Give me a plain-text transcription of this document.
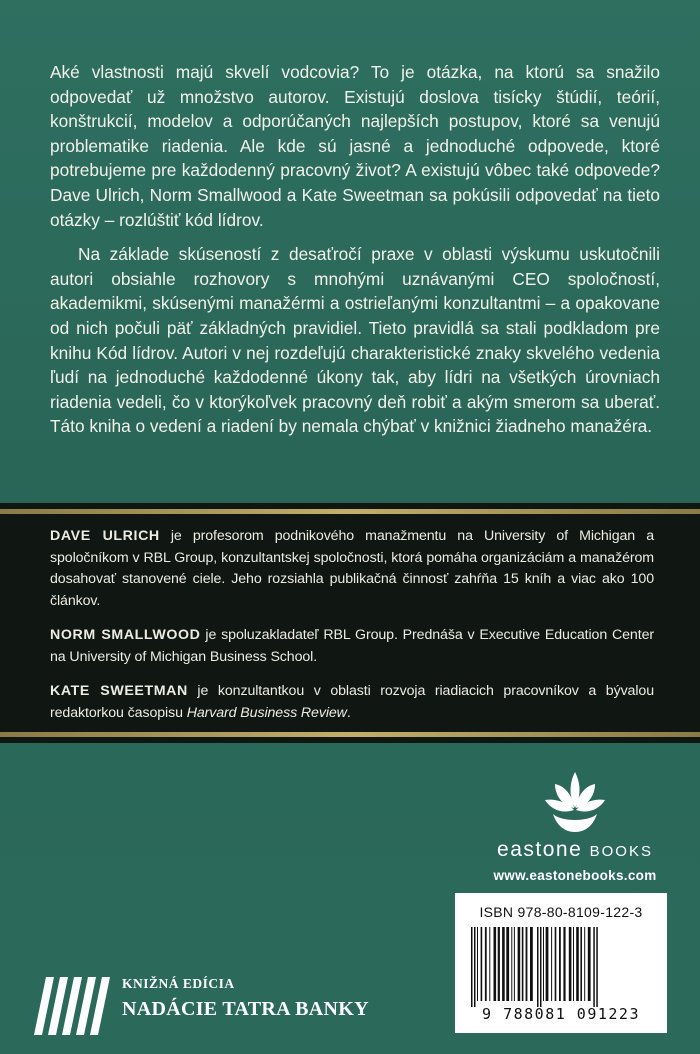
Aké vlastnosti majú skvelí vodcovia? To je otázka, na ktorú sa snažilo odpovedať už množstvo autorov. Existujú doslova tisícky štúdií, teórií, konštrukcií, modelov a odporúčaných najlepších postupov, ktoré sa venujú problematike riadenia. Ale kde sú jasné a jednoduché odpovede, ktoré potrebujeme pre každodenný pracovný život? A existujú vôbec také odpovede? Dave Ulrich, Norm Smallwood a Kate Sweetman sa pokúsili odpovedať na tieto otázky – rozlúštiť kód lídrov.

Na základe skúseností z desaťročí praxe v oblasti výskumu uskutočnili autori obsiahle rozhovory s mnohými uznávanými CEO spoločností, akademikmi, skúsenými manažérmi a ostrieľanými konzultantmi – a opakovane od nich počuli päť základných pravidiel. Tieto pravidlá sa stali podkladom pre knihu Kód lídrov. Autori v nej rozdeľujú charakteristické znaky skvelého vedenia ľudí na jednoduché každodenné úkony tak, aby lídri na všetkých úrovniach riadenia vedeli, čo v ktorýkoľvek pracovný deň robiť a akým smerom sa uberať. Táto kniha o vedení a riadení by nemala chýbať v knižnici žiadneho manažéra.

DAVE ULRICH je profesorom podnikového manažmentu na University of Michigan a spoločníkom v RBL Group, konzultantskej spoločnosti, ktorá pomáha organizáciám a manažérom dosahovať stanovené ciele. Jeho rozsiahla publikačná činnosť zahŕňa 15 kníh a viac ako 100 článkov.

NORM SMALLWOOD je spoluzakladateľ RBL Group. Prednáša v Executive Education Center na University of Michigan Business School.

KATE SWEETMAN je konzultantkou v oblasti rozvoja riadiacich pracovníkov a bývalou redaktorkou časopisu Harvard Business Review.

eastone BOOKS
www.eastonebooks.com
ISBN 978-80-8109-122-3
9 788081 091223
KNIŽNÁ EDÍCIA
NADÁCIE TATRA BANKY
